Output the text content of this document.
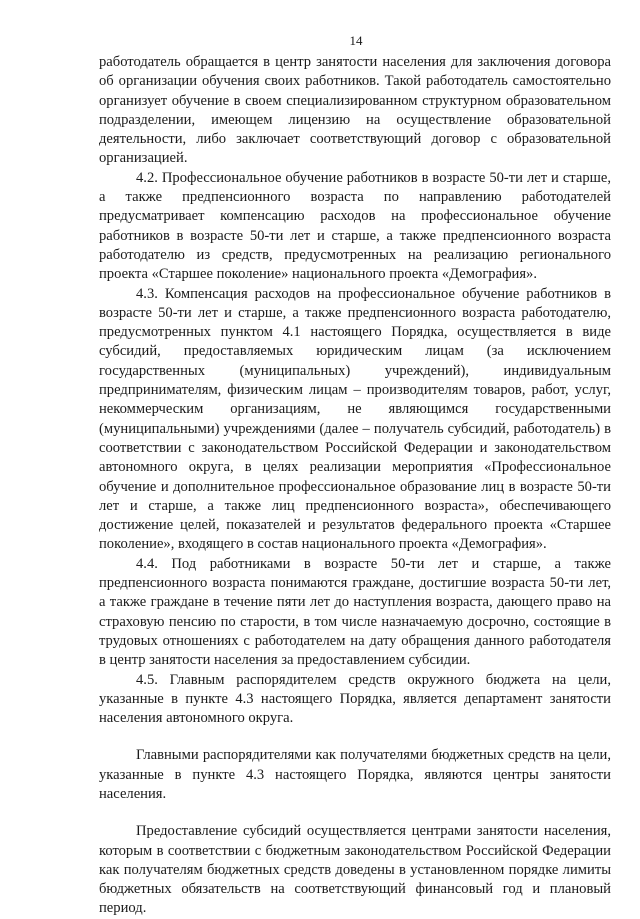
14

работодатель обращается в центр занятости населения для заключения договора об организации обучения своих работников. Такой работодатель самостоятельно организует обучение в своем специализированном структурном образовательном подразделении, имеющем лицензию на осуществление образовательной деятельности, либо заключает соответствующий договор с образовательной организацией.

4.2. Профессиональное обучение работников в возрасте 50-ти лет и старше, а также предпенсионного возраста по направлению работодателей предусматривает компенсацию расходов на профессиональное обучение работников в возрасте 50-ти лет и старше, а также предпенсионного возраста работодателю из средств, предусмотренных на реализацию регионального проекта «Старшее поколение» национального проекта «Демография».

4.3. Компенсация расходов на профессиональное обучение работников в возрасте 50-ти лет и старше, а также предпенсионного возраста работодателю, предусмотренных пунктом 4.1 настоящего Порядка, осуществляется в виде субсидий, предоставляемых юридическим лицам (за исключением государственных (муниципальных) учреждений), индивидуальным предпринимателям, физическим лицам – производителям товаров, работ, услуг, некоммерческим организациям, не являющимся государственными (муниципальными) учреждениями (далее – получатель субсидий, работодатель) в соответствии с законодательством Российской Федерации и законодательством автономного округа, в целях реализации мероприятия «Профессиональное обучение и дополнительное профессиональное образование лиц в возрасте 50-ти лет и старше, а также лиц предпенсионного возраста», обеспечивающего достижение целей, показателей и результатов федерального проекта «Старшее поколение», входящего в состав национального проекта «Демография».

4.4. Под работниками в возрасте 50-ти лет и старше, а также предпенсионного возраста понимаются граждане, достигшие возраста 50-ти лет, а также граждане в течение пяти лет до наступления возраста, дающего право на страховую пенсию по старости, в том числе назначаемую досрочно, состоящие в трудовых отношениях с работодателем на дату обращения данного работодателя в центр занятости населения за предоставлением субсидии.

4.5. Главным распорядителем средств окружного бюджета на цели, указанные в пункте 4.3 настоящего Порядка, является департамент занятости населения автономного округа.

Главными распорядителями как получателями бюджетных средств на цели, указанные в пункте 4.3 настоящего Порядка, являются центры занятости населения.

Предоставление субсидий осуществляется центрами занятости населения, которым в соответствии с бюджетным законодательством Российской Федерации как получателям бюджетных средств доведены в установленном порядке лимиты бюджетных обязательств на соответствующий финансовый год и плановый период.
